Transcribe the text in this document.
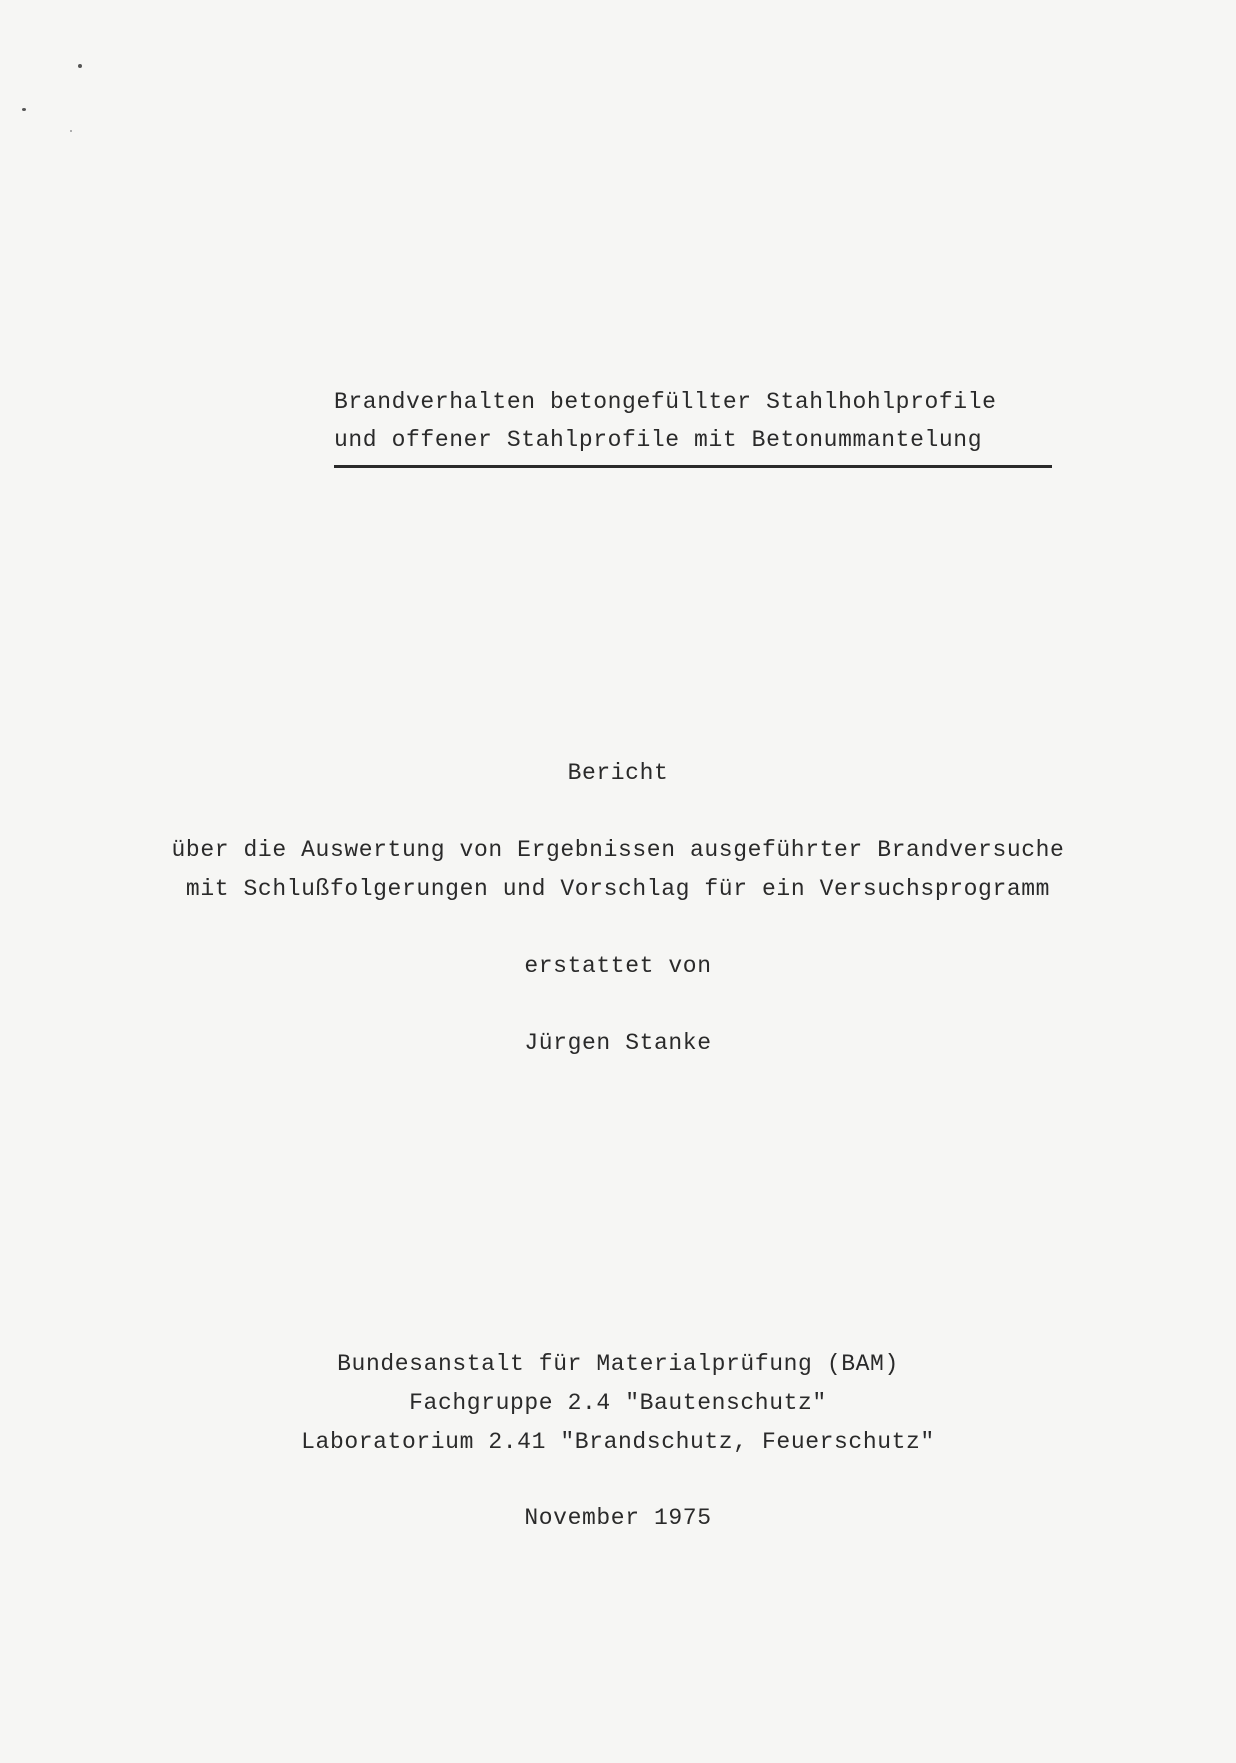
Brandverhalten betongefüllter Stahlhohlprofile
und offener Stahlprofile mit Betonummantelung
Bericht
über die Auswertung von Ergebnissen ausgeführter Brandversuche
mit Schlußfolgerungen und Vorschlag für ein Versuchsprogramm
erstattet von
Jürgen Stanke
Bundesanstalt für Materialprüfung (BAM)
Fachgruppe 2.4 "Bautenschutz"
Laboratorium 2.41 "Brandschutz, Feuerschutz"
November 1975
